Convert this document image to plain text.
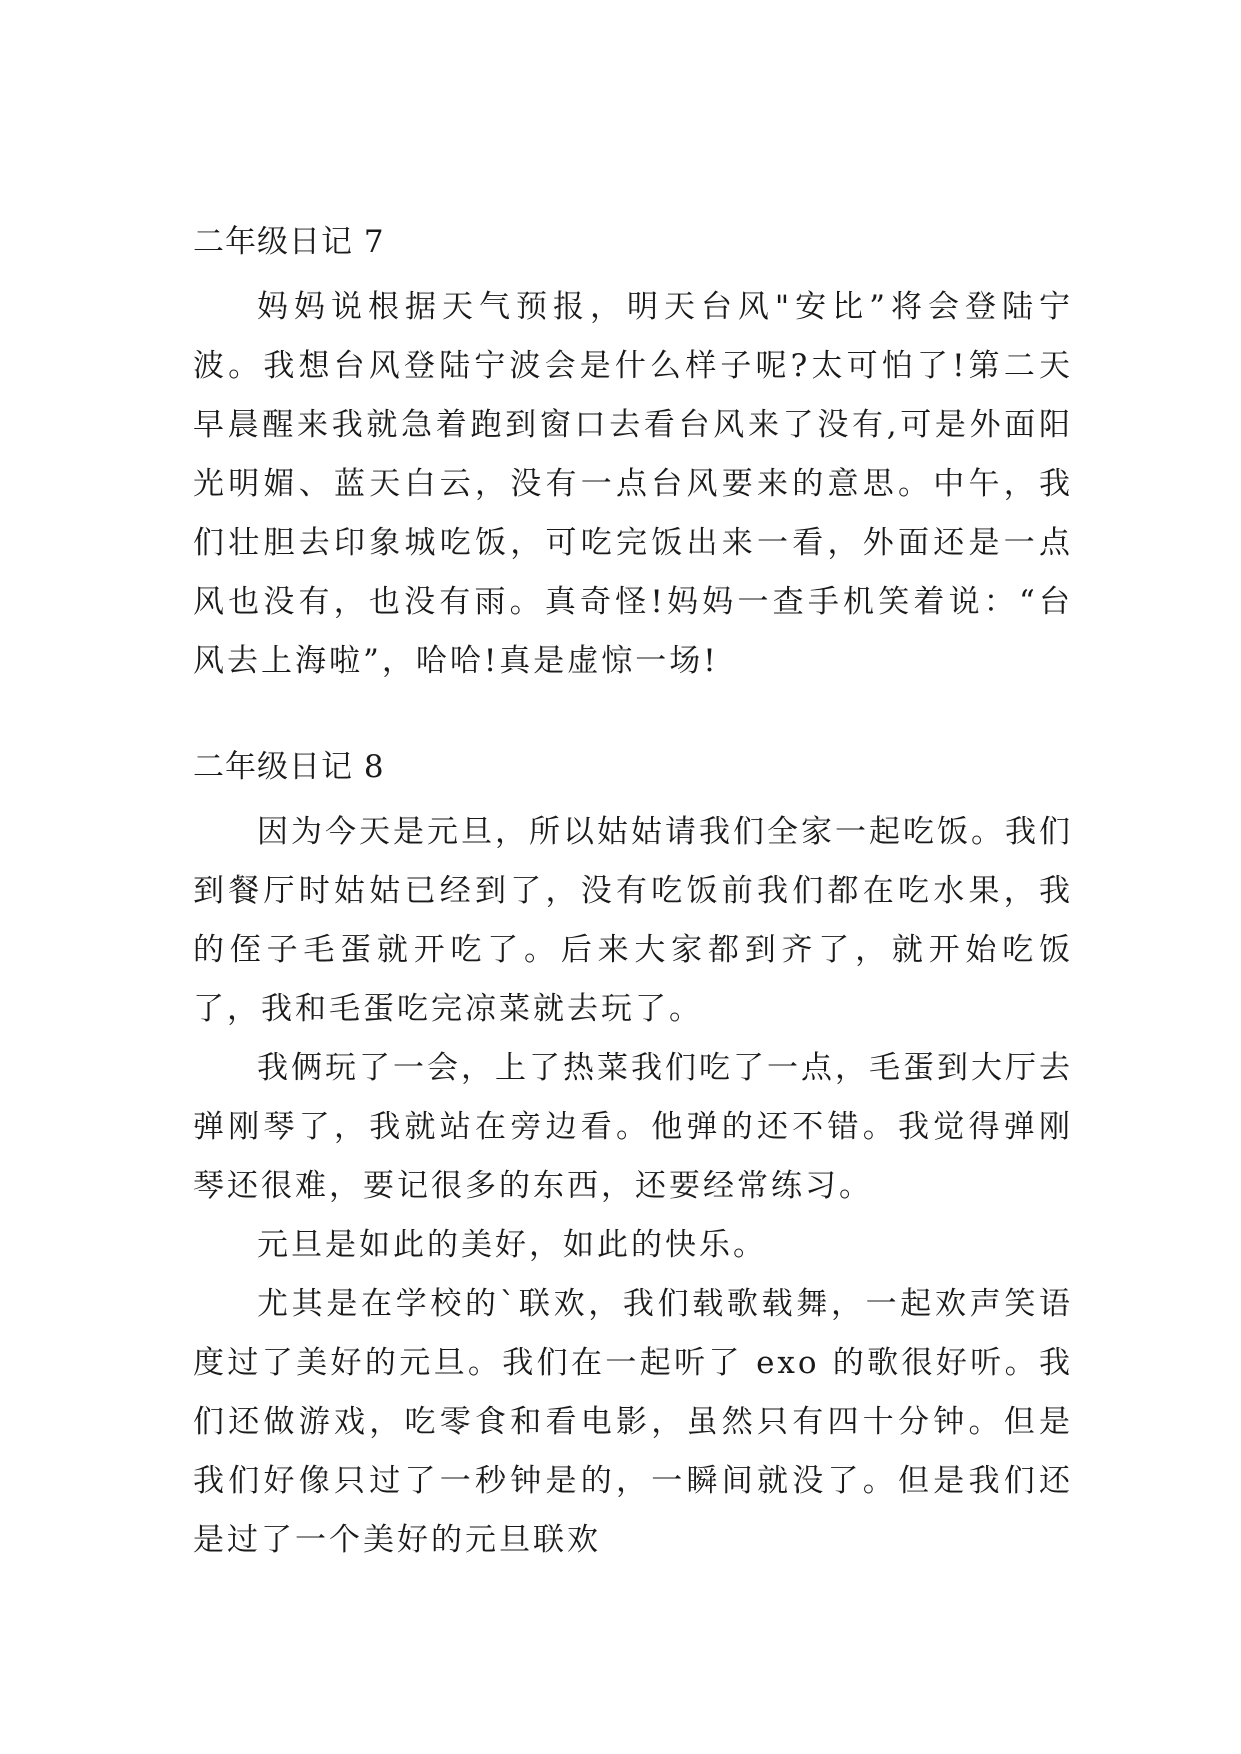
二年级日记 7

妈妈说根据天气预报，明天台风"安比”将会登陆宁波。我想台风登陆宁波会是什么样子呢?太可怕了!第二天早晨醒来我就急着跑到窗口去看台风来了没有,可是外面阳光明媚、蓝天白云，没有一点台风要来的意思。中午，我们壮胆去印象城吃饭，可吃完饭出来一看，外面还是一点风也没有，也没有雨。真奇怪!妈妈一查手机笑着说：“台风去上海啦”，哈哈!真是虚惊一场!

二年级日记 8

因为今天是元旦，所以姑姑请我们全家一起吃饭。我们到餐厅时姑姑已经到了，没有吃饭前我们都在吃水果，我的侄子毛蛋就开吃了。后来大家都到齐了，就开始吃饭了，我和毛蛋吃完凉菜就去玩了。

我俩玩了一会，上了热菜我们吃了一点，毛蛋到大厅去弹刚琴了，我就站在旁边看。他弹的还不错。我觉得弹刚琴还很难，要记很多的东西，还要经常练习。

元旦是如此的美好，如此的快乐。

尤其是在学校的`联欢，我们载歌载舞，一起欢声笑语度过了美好的元旦。我们在一起听了 exo 的歌很好听。我们还做游戏，吃零食和看电影，虽然只有四十分钟。但是我们好像只过了一秒钟是的，一瞬间就没了。但是我们还是过了一个美好的元旦联欢
